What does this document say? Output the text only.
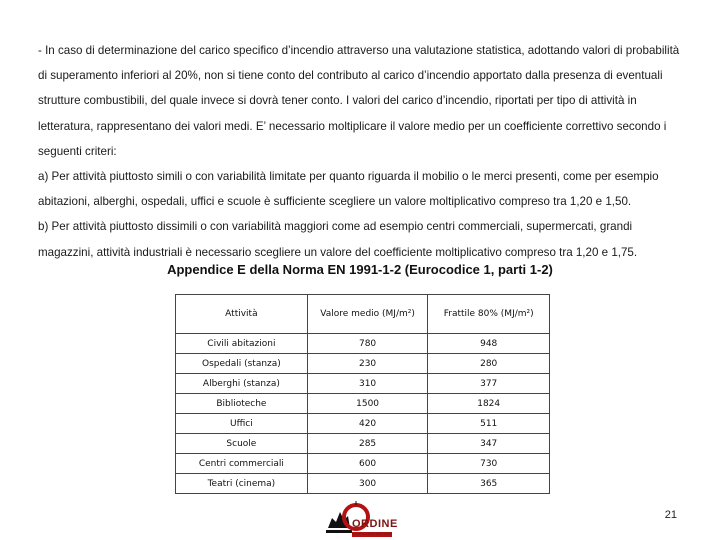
- In caso di determinazione del carico specifico d’incendio attraverso una valutazione statistica, adottando valori di probabilità di superamento inferiori al 20%, non si tiene conto del contributo al carico d’incendio apportato dalla presenza di eventuali strutture combustibili, del quale invece si dovrà tener conto. I valori del carico d’incendio, riportati per tipo di attività in letteratura, rappresentano dei valori medi. E’ necessario moltiplicare il valore medio per un coefficiente correttivo secondo i seguenti criteri:

a) Per attività piuttosto simili o con variabilità limitate per quanto riguarda il mobilio o le merci presenti, come per esempio abitazioni, alberghi, ospedali, uffici e scuole è sufficiente scegliere un valore moltiplicativo compreso tra 1,20 e 1,50.

b) Per attività piuttosto dissimili o con variabilità maggiori come ad esempio centri commerciali, supermercati, grandi magazzini, attività industriali è necessario scegliere un valore del coefficiente moltiplicativo compreso tra 1,20 e 1,75.

Appendice E della Norma EN 1991-1-2 (Eurocodice 1, parti 1-2)
Attività	Valore medio (MJ/m²)	Frattile 80% (MJ/m²)
Civili abitazioni	780	948
Ospedali (stanza)	230	280
Alberghi (stanza)	310	377
Biblioteche	1500	1824
Uffici	420	511
Scuole	285	347
Centri commerciali	600	730
Teatri (cinema)	300	365
ORDINE
INGEGNERI MATERA
21
